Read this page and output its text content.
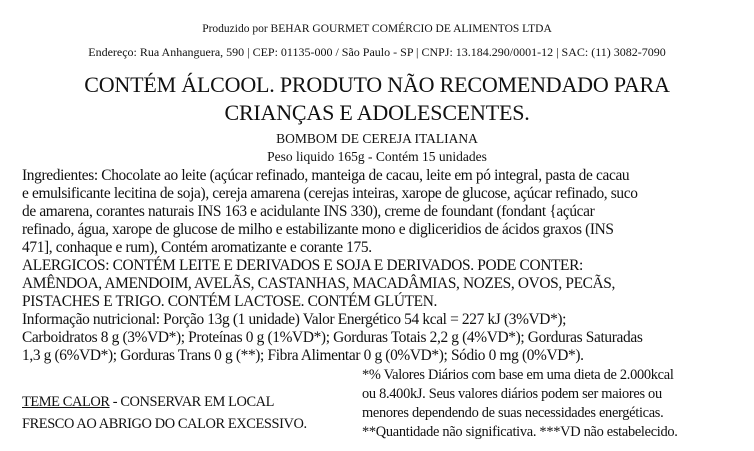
Produzido por BEHAR GOURMET COMÉRCIO DE ALIMENTOS LTDA
Endereço: Rua Anhanguera, 590 | CEP: 01135-000 / São Paulo - SP | CNPJ: 13.184.290/0001-12 | SAC: (11) 3082-7090
CONTÉM ÁLCOOL. PRODUTO NÃO RECOMENDADO PARA
CRIANÇAS E ADOLESCENTES.
BOMBOM DE CEREJA ITALIANA
Peso liquido 165g - Contém 15 unidades
Ingredientes: Chocolate ao leite (açúcar refinado, manteiga de cacau, leite em pó integral, pasta de cacau
e emulsificante lecitina de soja), cereja amarena (cerejas inteiras, xarope de glucose, açúcar refinado, suco
de amarena, corantes naturais INS 163 e acidulante INS 330), creme de foundant (fondant {açúcar
refinado, água, xarope de glucose de milho e estabilizante mono e digliceridios de ácidos graxos (INS
471], conhaque e rum), Contém aromatizante e corante 175.
ALERGICOS: CONTÉM LEITE E DERIVADOS E SOJA E DERIVADOS. PODE CONTER:
AMÊNDOA, AMENDOIM, AVELÃS, CASTANHAS, MACADÂMIAS, NOZES, OVOS, PECÃS,
PISTACHES E TRIGO. CONTÉM LACTOSE. CONTÉM GLÚTEN.
Informação nutricional: Porção 13g (1 unidade) Valor Energético 54 kcal = 227 kJ (3%VD*);
Carboidratos 8 g (3%VD*); Proteínas 0 g (1%VD*); Gorduras Totais 2,2 g (4%VD*); Gorduras Saturadas
1,3 g (6%VD*); Gorduras Trans 0 g (**); Fibra Alimentar 0 g (0%VD*); Sódio 0 mg (0%VD*).
TEME CALOR - CONSERVAR EM LOCAL
FRESCO AO ABRIGO DO CALOR EXCESSIVO.
*% Valores Diários com base em uma dieta de 2.000kcal
ou 8.400kJ. Seus valores diários podem ser maiores ou
menores dependendo de suas necessidades energéticas.
**Quantidade não significativa. ***VD não estabelecido.
